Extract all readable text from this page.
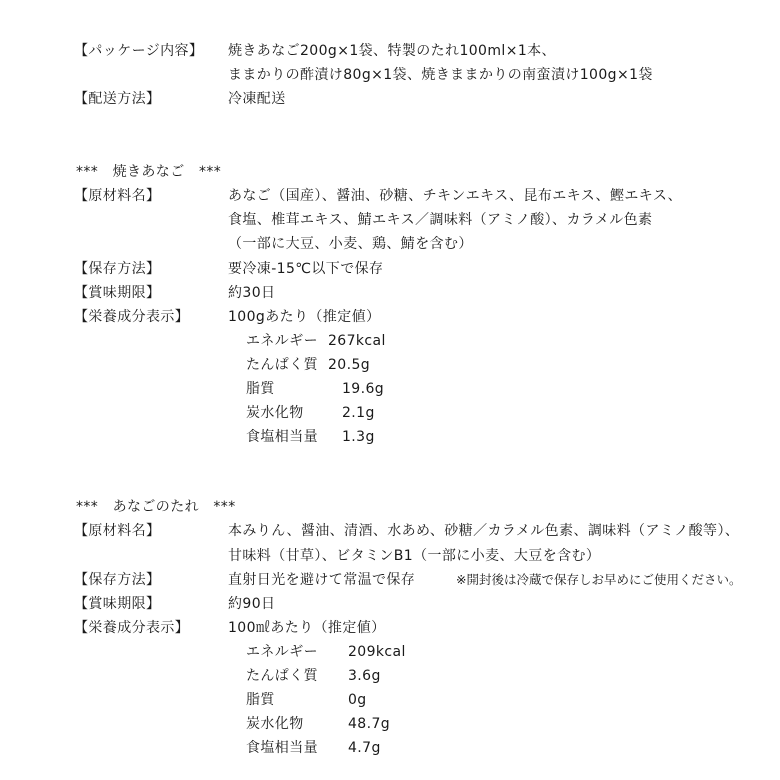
【パッケージ内容】 焼きあなご200g×1袋、特製のたれ100ml×1本、
ままかりの酢漬け80g×1袋、焼きままかりの南蛮漬け100g×1袋
【配送方法】	冷凍配送
***　焼きあなご　***
【原材料名】	あなご（国産）、醤油、砂糖、チキンエキス、昆布エキス、鰹エキス、
食塩、椎茸エキス、鯖エキス／調味料（アミノ酸）、カラメル色素
（一部に大豆、小麦、鶏、鯖を含む）
【保存方法】	要冷凍-15℃以下で保存
【賞味期限】	約30日
【栄養成分表示】	100gあたり（推定値）
エネルギー 267kcal
たんぱく質 20.5g
脂質	19.6g
炭水化物	2.1g
食塩相当量 1.3g
***　あなごのたれ　***
【原材料名】	本みりん、醤油、清酒、水あめ、砂糖／カラメル色素、調味料（アミノ酸等）、
甘味料（甘草）、ビタミンB1（一部に小麦、大豆を含む）
【保存方法】	直射日光を避けて常温で保存	※開封後は冷蔵で保存しお早めにご使用ください。
【賞味期限】	約90日
【栄養成分表示】	100㎖あたり（推定値）
エネルギー 209kcal
たんぱく質 3.6g
脂質	0g
炭水化物	48.7g
食塩相当量 4.7g
